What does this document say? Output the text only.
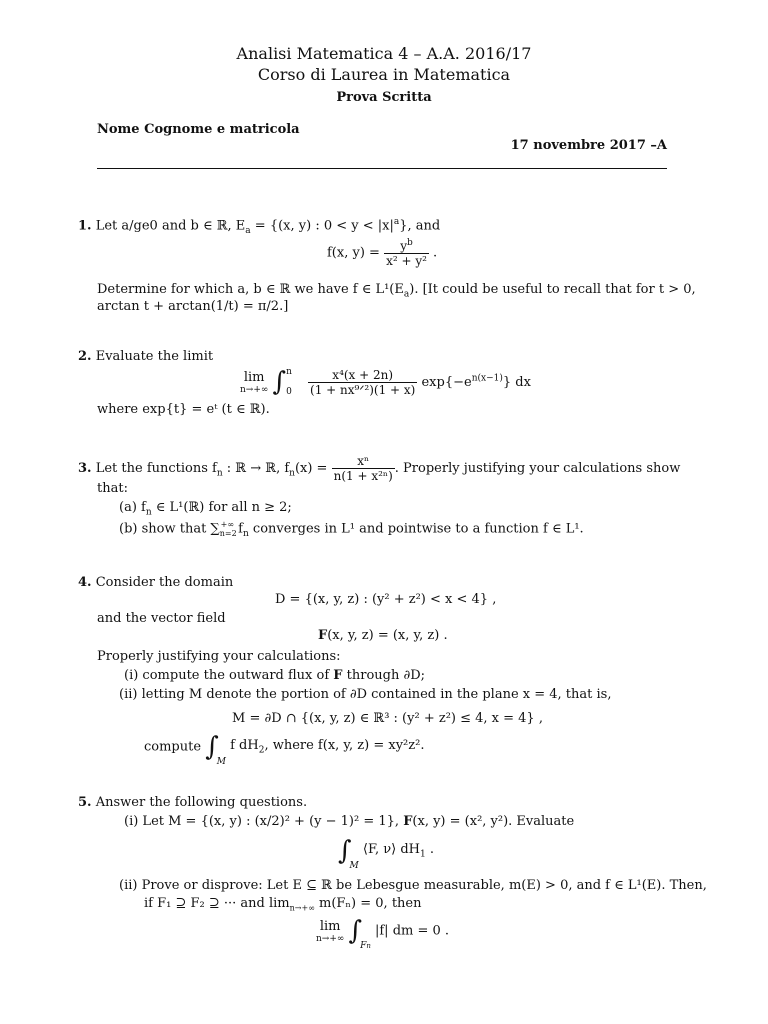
Analisi Matematica 4 – A.A. 2016/17
Corso di Laurea in Matematica
Prova Scritta
Nome Cognome e matricola
17 novembre 2017 –A
1. Let a/ge0 and b ∈ ℝ, $E_a = \{(x$, y) : $0 < y < |x|^a$}, and
f(x, $y) = \frac{y^b}{\text{x² + y²}}$ .
Determine for which a, b ∈ ℝ we have f ∈ $L^1(E_a)$. [It could be useful to recall that for t > 0,
arctan t + arctan(1/t) = π/2.]
2. Evaluate the limit
lim
n→+∞ ∫ n
0
$\frac{\text{x⁴(x + 2n)}}{\text{(1 + nx⁹ᐟ²)(1 + x)}} \exp\{-e^{n(x-1)}\}$ dx
where exp{t} = eᵗ (t ∈ ℝ).
3. Let the functions $f_n$ : ℝ → ℝ, $f_n(x) = \frac{\text{xⁿ}}{\text{n(1 + x²ⁿ)}}$ . Properly justifying your calculations show
that:
(a) $f_n$ ∈ L¹(ℝ) for all n ≥ 2;
(b) show that $\sum_{n=2}^{+\infty}$ $f_n$ converges in L¹ and pointwise to a function f ∈ L¹.
4. Consider the domain
D = {(x, y, z) : (y² + z²) < x < 4} ,
and the vector field
F(x, y, z) = (x, y, z) .
Properly justifying your calculations:
(i) compute the outward flux of F through ∂D;
(ii) letting M denote the portion of ∂D contained in the plane x = 4, that is,
M = ∂D ∩ {(x, y, z) ∈ ℝ³ : (y² + z²) ≤ 4, x = 4} ,
compute $\int_M$ f $dH_2$, where f(x, y, z) = xy²z².
5. Answer the following questions.
(i) Let M = {(x, y) : (x/2)² + (y − 1)² = 1}, F(x, y) = (x², y²). Evaluate
$\int_M$ ⟨F, ν⟩ $dH_1$ .
(ii) Prove or disprove: Let E ⊆ ℝ be Lebesgue measurable, m(E) > 0, and f ∈ L¹(E). Then,
if F₁ ⊇ F₂ ⊇ ··· and $\lim_{n\to+\infty} m(F_n) = 0$, then
lim
n→+∞ $\int_{Fn}$ |f| dm = 0 .
